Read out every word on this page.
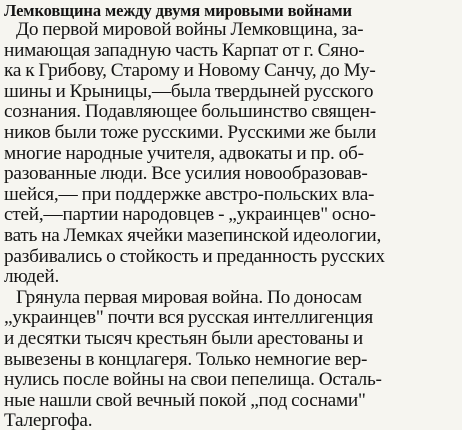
Лемковщина между двумя мировыми войнами
До первой мировой войны Лемковщина, за-
нимающая западную часть Карпат от г. Сяно-
ка к Грибову, Старому и Новому Санчу, до Му-
шины и Крыницы,—была твердыней русского
сознания. Подавляющее большинство священ-
ников были тоже русскими. Русскими же были
многие народные учителя, адвокаты и пр. об-
разованные люди. Все усилия новообразовав-
шейся,— при поддержке австро-польских вла-
стей,—партии народовцев - „украинцев" осно-
вать на Лемках ячейки мазепинской идеологии,
разбивались о стойкость и преданность русских
людей.
Грянула первая мировая война. По доносам
„украинцев" почти вся русская интеллигенция
и десятки тысяч крестьян были арестованы и
вывезены в концлагеря. Только немногие вер-
нулись после войны на свои пепелища. Осталь-
ные нашли свой вечный покой „под соснами"
Талергофа.
